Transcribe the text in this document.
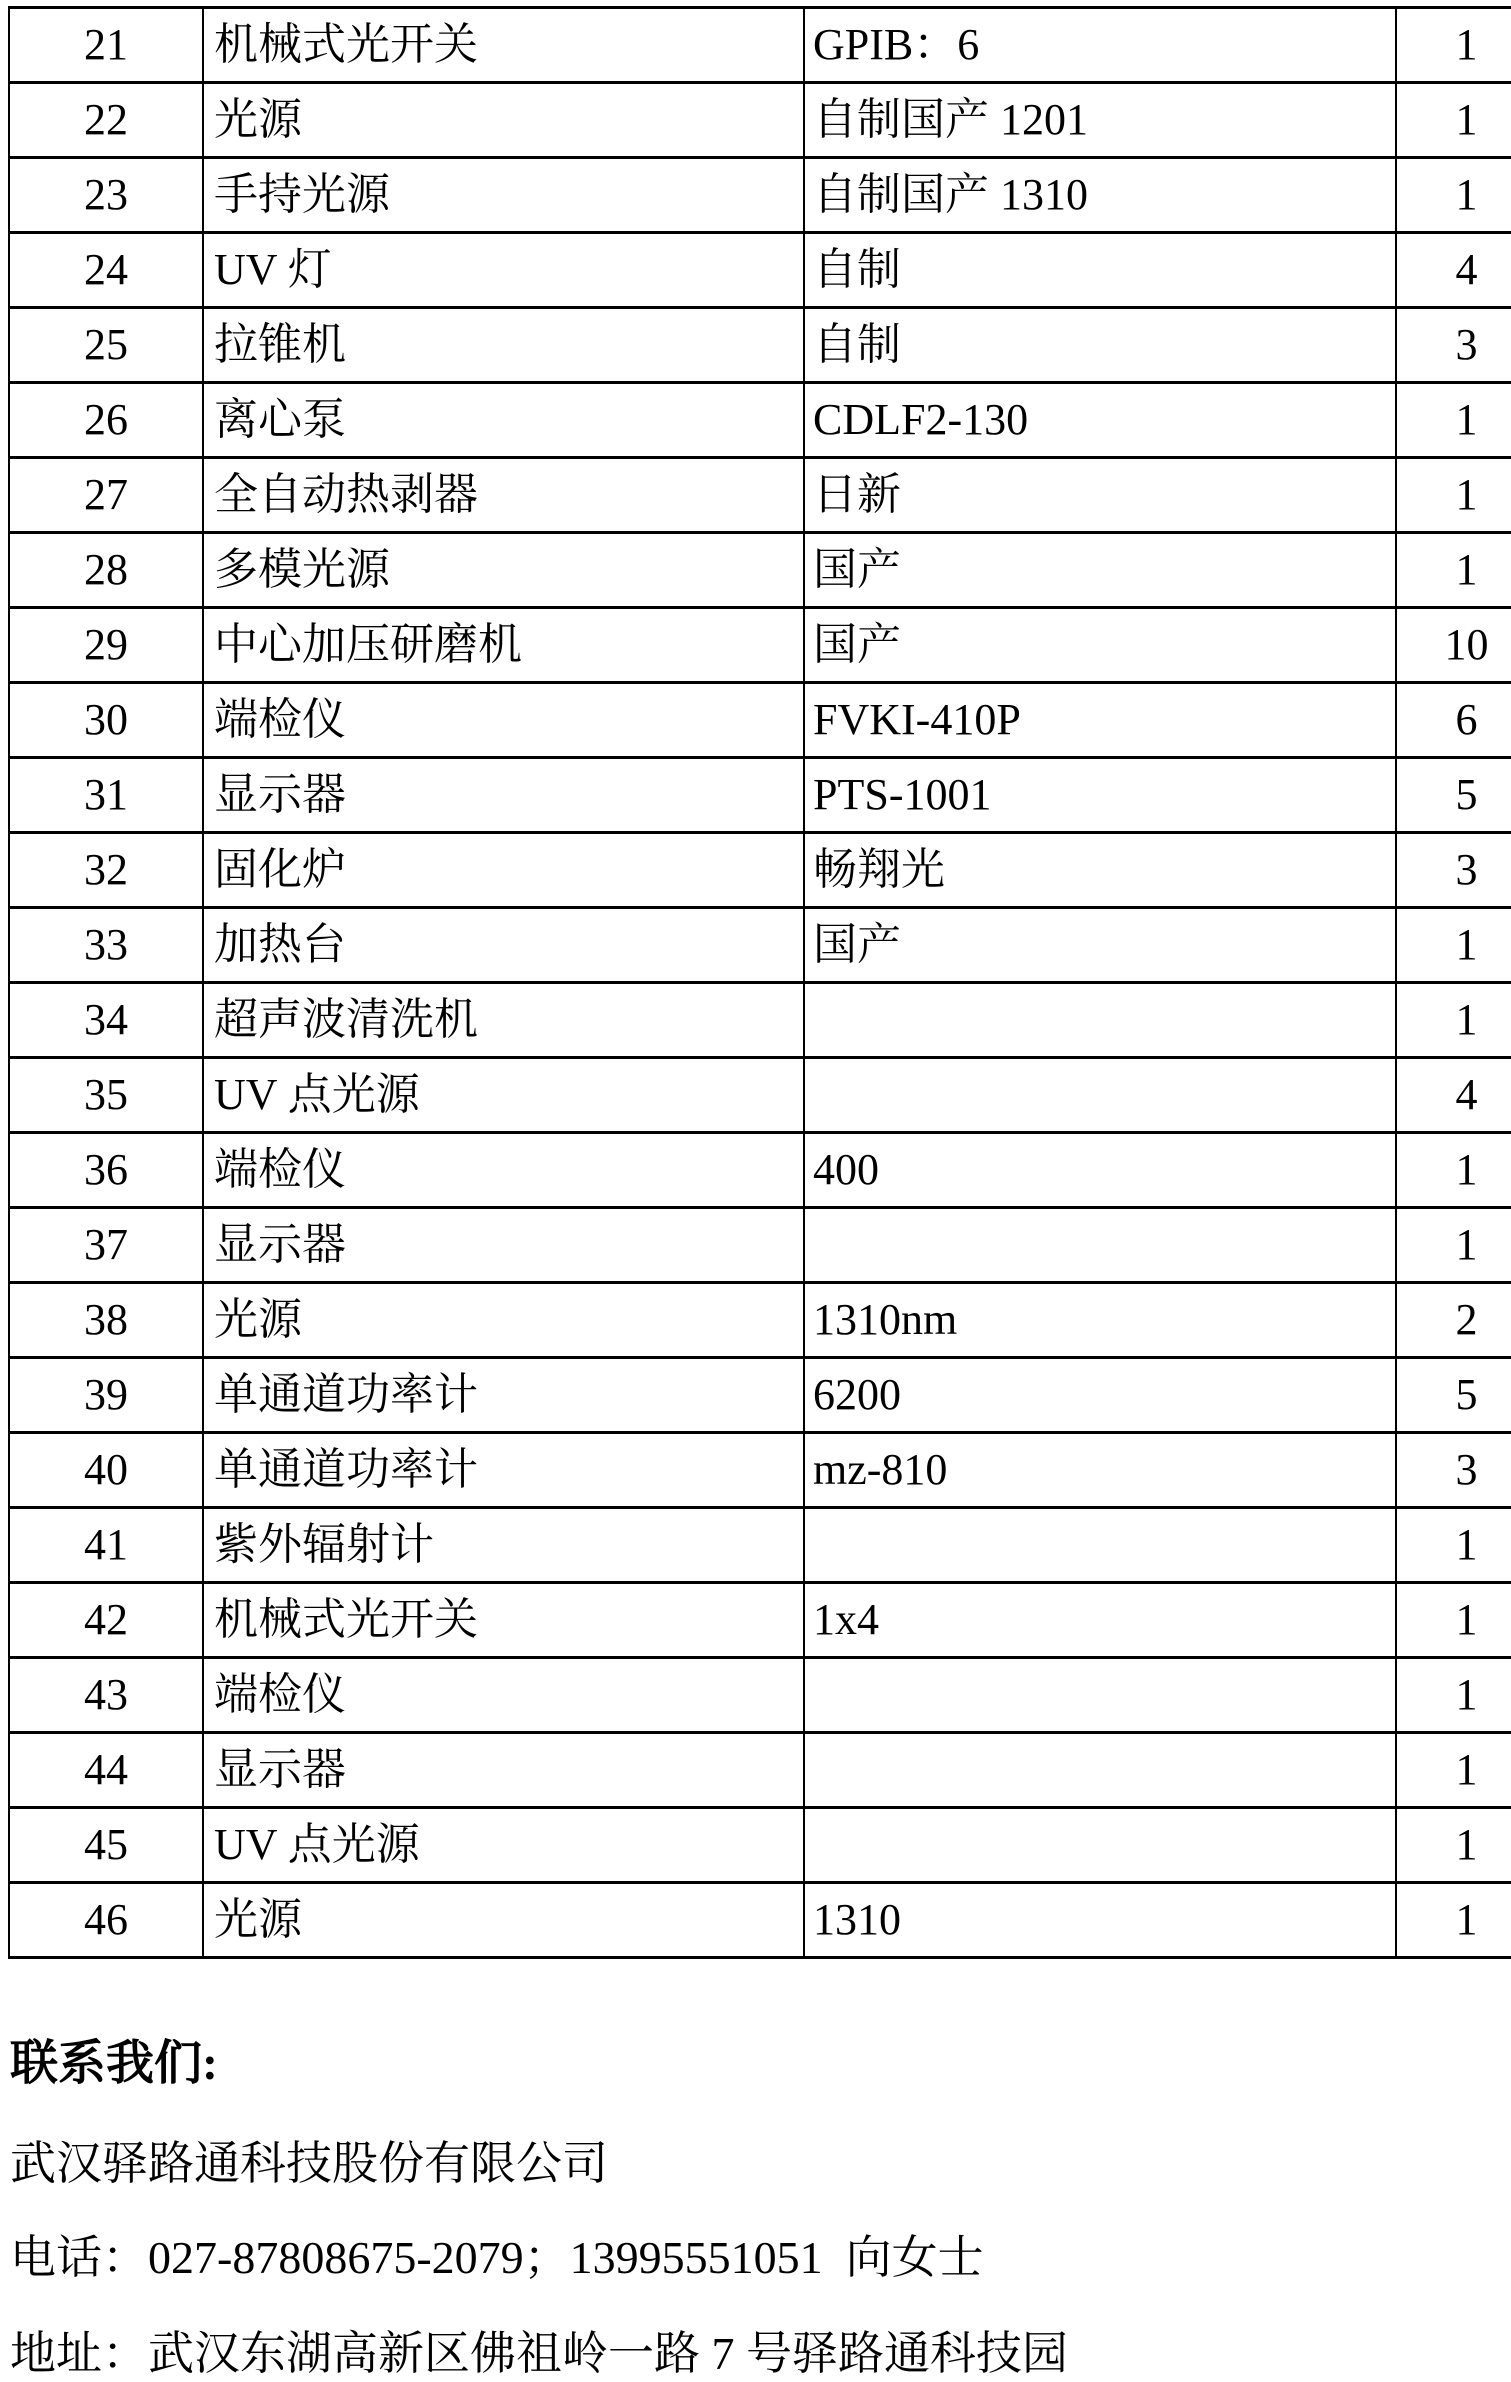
21	机械式光开关	GPIB：6	1
22	光源	自制国产 1201	1
23	手持光源	自制国产 1310	1
24	UV 灯	自制	4
25	拉锥机	自制	3
26	离心泵	CDLF2-130	1
27	全自动热剥器	日新	1
28	多模光源	国产	1
29	中心加压研磨机	国产	10
30	端检仪	FVKI-410P	6
31	显示器	PTS-1001	5
32	固化炉	畅翔光	3
33	加热台	国产	1
34	超声波清洗机		1
35	UV 点光源		4
36	端检仪	400	1
37	显示器		1
38	光源	1310nm	2
39	单通道功率计	6200	5
40	单通道功率计	mz-810	3
41	紫外辐射计		1
42	机械式光开关	1x4	1
43	端检仪		1
44	显示器		1
45	UV 点光源		1
46	光源	1310	1
联系我们:
武汉驿路通科技股份有限公司
电话：027-87808675-2079；13995551051  向女士
地址：武汉东湖高新区佛祖岭一路 7 号驿路通科技园
